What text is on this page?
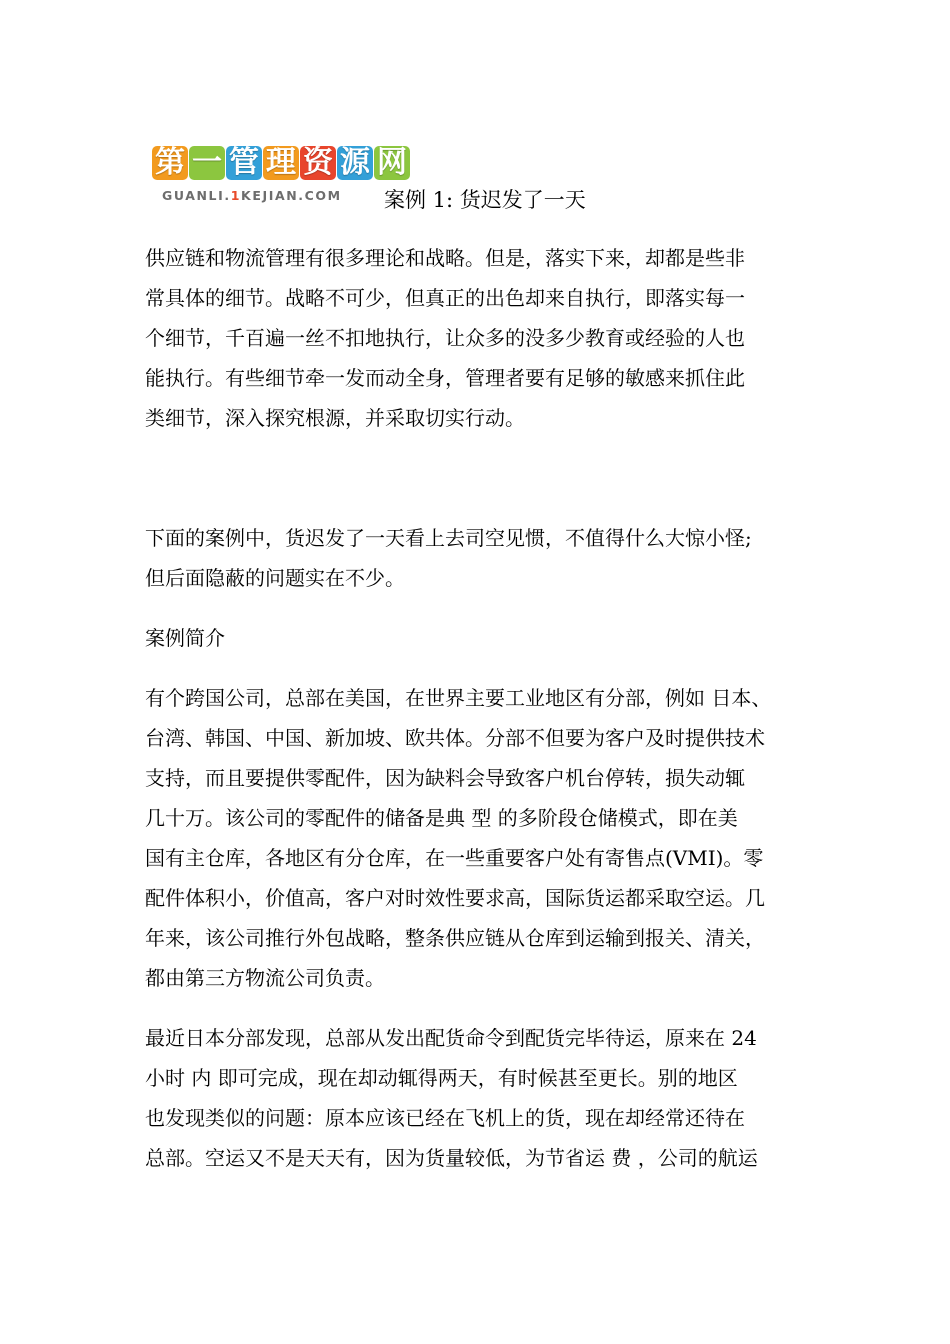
第 一 管 理 资 源 网
GUANLI.1KEJIAN.COM 案例 1: 货迟发了一天
供应链和物流管理有很多理论和战略。但是，落实下来，却都是些非
常具体的细节。战略不可少，但真正的出色却来自执行，即落实每一
个细节，千百遍一丝不扣地执行，让众多的没多少教育或经验的人也
能执行。有些细节牵一发而动全身，管理者要有足够的敏感来抓住此
类细节，深入探究根源，并采取切实行动。
下面的案例中，货迟发了一天看上去司空见惯，不值得什么大惊小怪;
但后面隐蔽的问题实在不少。
案例简介
有个跨国公司，总部在美国，在世界主要工业地区有分部，例如 日本、
台湾、韩国、中国、新加坡、欧共体。分部不但要为客户及时提供技术
支持，而且要提供零配件，因为缺料会导致客户机台停转，损失动辄
几十万。该公司的零配件的储备是典 型 的多阶段仓储模式，即在美
国有主仓库，各地区有分仓库，在一些重要客户处有寄售点(VMI)。零
配件体积小，价值高，客户对时效性要求高，国际货运都采取空运。几
年来，该公司推行外包战略，整条供应链从仓库到运输到报关、清关，
都由第三方物流公司负责。
最近日本分部发现，总部从发出配货命令到配货完毕待运，原来在 24
小时 内 即可完成，现在却动辄得两天，有时候甚至更长。别的地区
也发现类似的问题：原本应该已经在飞机上的货，现在却经常还待在
总部。空运又不是天天有，因为货量较低，为节省运 费 ，公司的航运
